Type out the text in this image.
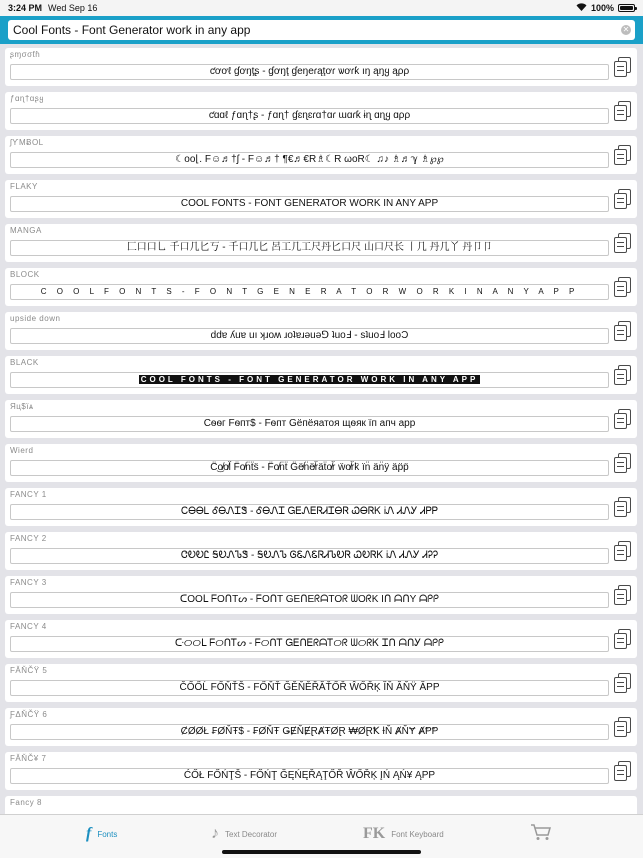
3:24 PM Wed Sep 16	100%
Cool Fonts - Font Generator work in any app
✕
ʂɱσσƭɦ
ƈơơℓ ɠơŋţʂ - ɠơŋţ ɠeŋeɾąţơɾ ѡơɾƙ ıŋ ąŋყ ąρρ
ƒɑɳ†ɑʂყ
ƈɑɑℓ ƒɑɳ†ʂ - ƒɑɳ† ɠɛɳɛɾɑ†ɑɾ ɯɑɾƙ ɨɳ ɑɳყ ɑρρ
ʃƳMɃOL
☾oo⌊. F☺♬†ʃ - F☺♬† ¶€♬€R♗☾R ωoR☾ ♫♪ ♗♬ℽ ♗℘℘
FLAKY
COOL FONTS - FONT GENERATOR WORK IN ANY APP
MANGA
匚口口乚 千口几匕丂 - 千口几匕 呂工几工尺丹匕口尺 山口尺长 丨几 丹几丫 丹卩卩
BLOCK
C O O L F O N T S - F O N T G E N E R A T O R W O R K I N A N Y A P P
upside down
ddɐ ʎuɐ uı ʞɹoʍ ɹoʇɐɹǝuǝ⅁ ʇuoℲ - sʇuoℲ looƆ
BLACK
COOL FONTS - FONT GENERATOR WORK IN ANY APP
Яц$їѧ
Сѳѳг Fѳпт$ - Fѳпт Gёпёяатоя щѳяк їп апч app
Wierd
C̈͜o̸o̸l̈ F̈o̸n̈ẗs̈ - F̈o̸n̈ẗ G̈ë̸n̈ë̸r̈äẗo̸r̈ ẅo̸r̈k̈ ïn̈ än̈ÿ äp̈p̈
FANCY 1
ᏟᎾᎾᏞ ᎴᎾᏁᏆᏕ - ᎴᎾᏁᏆ ᏀᎬᏁᎬᏒᏗᏆᎾᏒ ᏇᎾᏒᏦ ᎥᏁ ᏗᏁᎩ ᏗᏢᏢ
FANCY 2
ᏣᎧᎧᏝ ᎦᎧᏁᏖᏕ - ᎦᎧᏁᏖ ᎶᏋᏁᏋᏒᏗᏖᎧᏒ ᏇᎧᏒᏦ ᎥᏁ ᏗᏁᎩ ᏗᎮᎮ
FANCY 3
ᑕOOᒪ ᖴOᑎTᔕ - ᖴOᑎT GEᑎEᖇᗩTOᖇ ᗯOᖇK Iᑎ ᗩᑎY ᗩᑭᑭ
FANCY 4
ᑢᝪᝪᒪ ᖴᝪᑎᎢᔕ - ᖴᝪᑎᎢ ᏀᎬᑎᎬᖇᗩᎢᝪᖇ ᗯᝪᖇᏦ Ꮖᑎ ᗩᑎᎩ ᗩᑭᑭ
FĂŇČŸ 5
ČŐŐĹ FŐŇŤŠ - FŐŇŤ ĞĚŇĚŘĂŤŐŘ ŴŐŘĶ ĬŇ ĂŇŸ ĂPP
ƑΔŇČŸ 6
ȻØØŁ ₣ØŇŦ$ - ₣ØŇŦ ǤɆŇɆⱤȺŦØⱤ ₩ØⱤꝀ ƗŇ ȺŇɎ ȺⱣⱣ
FĂŇČ¥ 7
ĆŐŁ FŐŃŢŠ - FŐŃŢ ĞĘŃĘŘĄŢŐŘ ŴŐŘĶ ĮŃ ĄŃ¥ ĄPP
Fancy 8
f Fonts	♪ Text Decorator	FK Font Keyboard
